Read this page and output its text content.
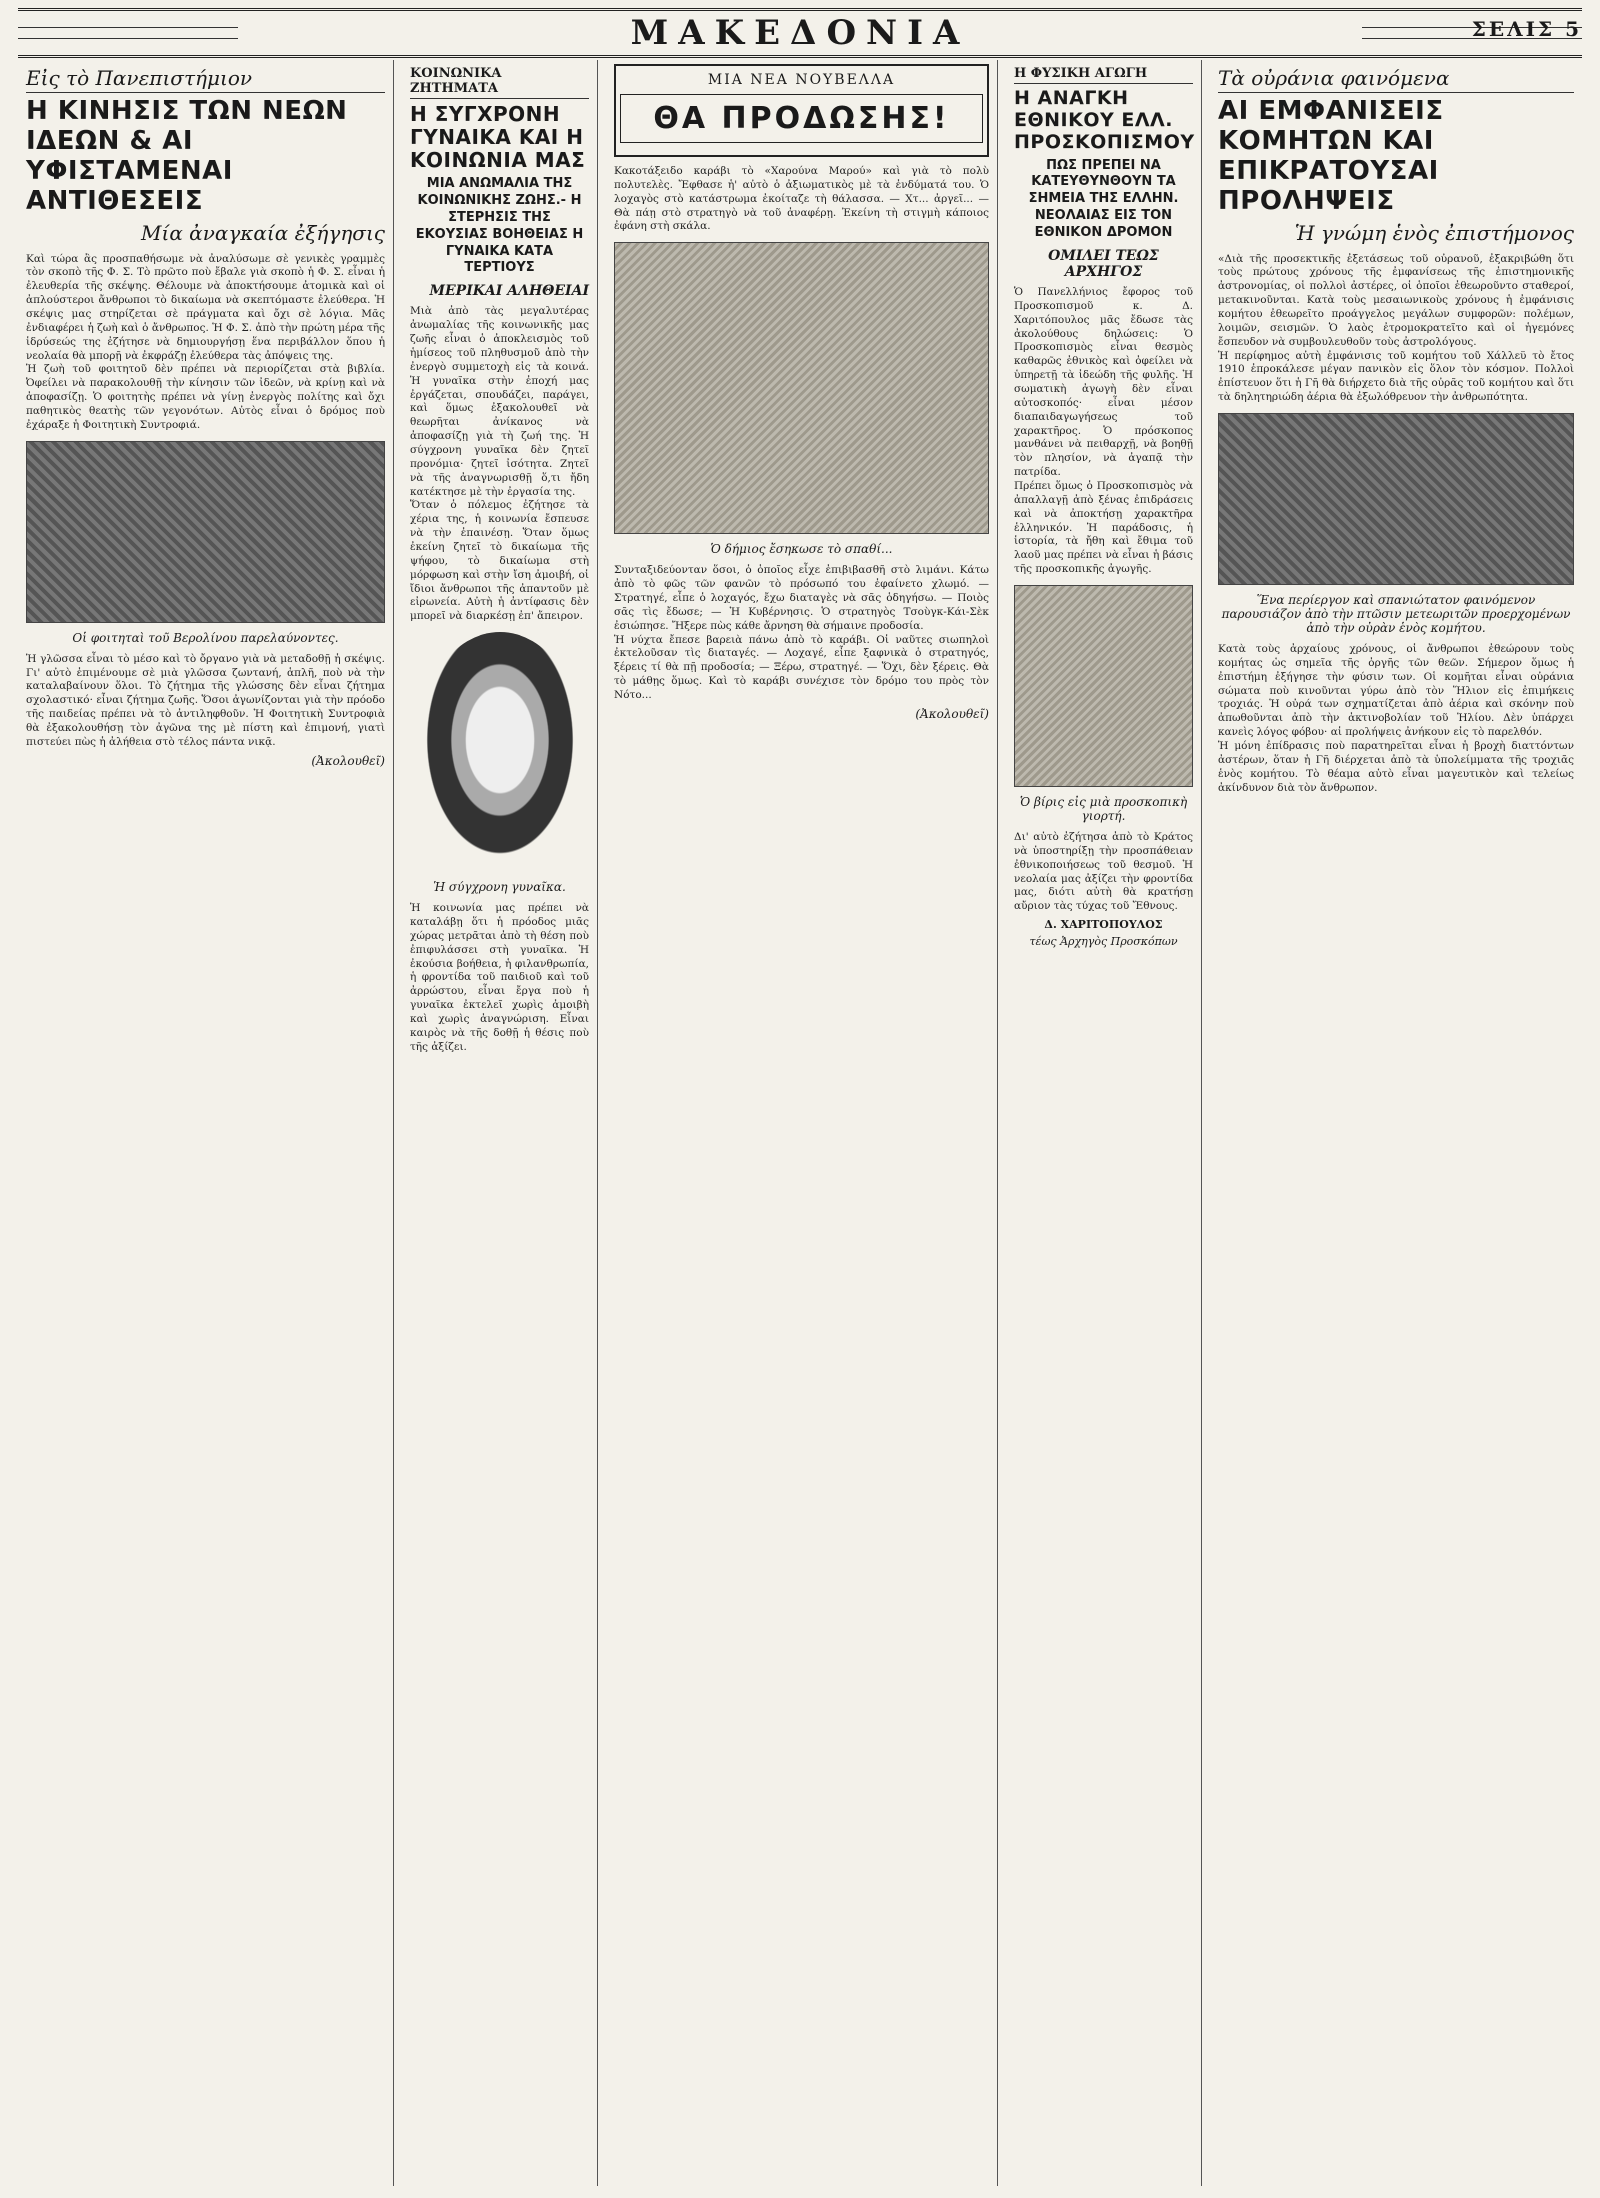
ΜΑΚΕΔΟΝΙΑ	ΣΕΛΙΣ 5
Εἰς τὸ Πανεπιστήμιον
Η ΚΙΝΗΣΙΣ ΤΩΝ ΝΕΩΝ ΙΔΕΩΝ & ΑΙ ΥΦΙΣΤΑΜΕΝΑΙ ΑΝΤΙΘΕΣΕΙΣ
Μία ἀναγκαία ἐξήγησις

Καὶ τώρα ἂς προσπαθήσωμε νὰ ἀναλύσωμε σὲ γενικὲς γραμμὲς τὸν σκοπὸ τῆς Φ. Σ. Τὸ πρῶτο ποὺ ἔβαλε γιὰ σκοπὸ ἡ Φ. Σ. εἶναι ἡ ἐλευθερία τῆς σκέψης. Θέλουμε νὰ ἀποκτήσουμε ἀτομικὰ καὶ οἱ ἀπλούστεροι ἄνθρωποι τὸ δικαίωμα νὰ σκεπτόμαστε ἐλεύθερα. Ἡ σκέψις μας στηρίζεται σὲ πράγματα καὶ ὄχι σὲ λόγια. Μᾶς ἐνδιαφέρει ἡ ζωὴ καὶ ὁ ἄνθρωπος. Ἡ Φ. Σ. ἀπὸ τὴν πρώτη μέρα τῆς ἱδρύσεώς της ἐζήτησε νὰ δημιουργήσῃ ἕνα περιβάλλον ὅπου ἡ νεολαία θὰ μπορῇ νὰ ἐκφράζῃ ἐλεύθερα τὰς ἀπόψεις της.

Ἡ ζωὴ τοῦ φοιτητοῦ δὲν πρέπει νὰ περιορίζεται στὰ βιβλία. Ὀφείλει νὰ παρακολουθῇ τὴν κίνησιν τῶν ἰδεῶν, νὰ κρίνῃ καὶ νὰ ἀποφασίζῃ. Ὁ φοιτητὴς πρέπει νὰ γίνῃ ἐνεργὸς πολίτης καὶ ὄχι παθητικὸς θεατὴς τῶν γεγονότων. Αὐτὸς εἶναι ὁ δρόμος ποὺ ἐχάραξε ἡ Φοιτητικὴ Συντροφιά.

Οἱ φοιτηταὶ τοῦ Βερολίνου παρελαύνοντες.

Ἡ γλῶσσα εἶναι τὸ μέσο καὶ τὸ ὄργανο γιὰ νὰ μεταδοθῇ ἡ σκέψις. Γι' αὐτὸ ἐπιμένουμε σὲ μιὰ γλῶσσα ζωντανή, ἁπλῆ, ποὺ νὰ τὴν καταλαβαίνουν ὅλοι. Τὸ ζήτημα τῆς γλώσσης δὲν εἶναι ζήτημα σχολαστικό· εἶναι ζήτημα ζωῆς. Ὅσοι ἀγωνίζονται γιὰ τὴν πρόοδο τῆς παιδείας πρέπει νὰ τὸ ἀντιληφθοῦν. Ἡ Φοιτητικὴ Συντροφιὰ θὰ ἐξακολουθήσῃ τὸν ἀγῶνα της μὲ πίστη καὶ ἐπιμονή, γιατὶ πιστεύει πὼς ἡ ἀλήθεια στὸ τέλος πάντα νικᾷ.

(Ἀκολουθεῖ)
ΚΟΙΝΩΝΙΚΑ ΖΗΤΗΜΑΤΑ
Η ΣΥΓΧΡΟΝΗ ΓΥΝΑΙΚΑ ΚΑΙ Η ΚΟΙΝΩΝΙΑ ΜΑΣ
ΜΙΑ ΑΝΩΜΑΛΙΑ ΤΗΣ ΚΟΙΝΩΝΙΚΗΣ ΖΩΗΣ.- Η ΣΤΕΡΗΣΙΣ ΤΗΣ ΕΚΟΥΣΙΑΣ ΒΟΗΘΕΙΑΣ Η ΓΥΝΑΙΚΑ ΚΑΤΑ ΤΕΡΤΙΟΥΣ
ΜΕΡΙΚΑΙ ΑΛΗΘΕΙΑΙ

Μιὰ ἀπὸ τὰς μεγαλυτέρας ἀνωμαλίας τῆς κοινωνικῆς μας ζωῆς εἶναι ὁ ἀποκλεισμὸς τοῦ ἡμίσεος τοῦ πληθυσμοῦ ἀπὸ τὴν ἐνεργὸ συμμετοχὴ εἰς τὰ κοινά. Ἡ γυναῖκα στὴν ἐποχή μας ἐργάζεται, σπουδάζει, παράγει, καὶ ὅμως ἐξακολουθεῖ νὰ θεωρῆται ἀνίκανος νὰ ἀποφασίζῃ γιὰ τὴ ζωή της. Ἡ σύγχρονη γυναῖκα δὲν ζητεῖ προνόμια· ζητεῖ ἰσότητα. Ζητεῖ νὰ τῆς ἀναγνωρισθῇ ὅ,τι ἤδη κατέκτησε μὲ τὴν ἐργασία της.

Ὅταν ὁ πόλεμος ἐζήτησε τὰ χέρια της, ἡ κοινωνία ἔσπευσε νὰ τὴν ἐπαινέσῃ. Ὅταν ὅμως ἐκείνη ζητεῖ τὸ δικαίωμα τῆς ψήφου, τὸ δικαίωμα στὴ μόρφωση καὶ στὴν ἴση ἀμοιβή, οἱ ἴδιοι ἄνθρωποι τῆς ἀπαντοῦν μὲ εἰρωνεία. Αὐτὴ ἡ ἀντίφασις δὲν μπορεῖ νὰ διαρκέσῃ ἐπ' ἄπειρον.

Ἡ σύγχρονη γυναῖκα.

Ἡ κοινωνία μας πρέπει νὰ καταλάβῃ ὅτι ἡ πρόοδος μιᾶς χώρας μετρᾶται ἀπὸ τὴ θέση ποὺ ἐπιφυλάσσει στὴ γυναῖκα. Ἡ ἐκούσια βοήθεια, ἡ φιλανθρωπία, ἡ φροντίδα τοῦ παιδιοῦ καὶ τοῦ ἀρρώστου, εἶναι ἔργα ποὺ ἡ γυναῖκα ἐκτελεῖ χωρὶς ἀμοιβὴ καὶ χωρὶς ἀναγνώριση. Εἶναι καιρὸς νὰ τῆς δοθῇ ἡ θέσις ποὺ τῆς ἀξίζει.

ΜΙΑ ΝΕΑ ΝΟΥΒΕΛΛΑ
ΘΑ ΠΡΟΔΩΣΗΣ!

Κακοτάξειδο καράβι τὸ «Χαρούνα Μαρού» καὶ γιὰ τὸ πολὺ πολυτελὲς. Ἔφθασε ἡ' αὐτὸ ὁ ἀξιωματικὸς μὲ τὰ ἐνδύματά του. Ὁ λοχαγὸς στὸ κατάστρωμα ἐκοίταζε τὴ θάλασσα. — Χτ... ἀργεῖ... — Θὰ πάῃ στὸ στρατηγὸ νὰ τοῦ ἀναφέρῃ. Ἐκείνη τὴ στιγμὴ κάποιος ἐφάνη στὴ σκάλα.

Ὁ δήμιος ἔσηκωσε τὸ σπαθί...

Συνταξιδεύονταν ὅσοι, ὁ ὁποῖος εἶχε ἐπιβιβασθῆ στὸ λιμάνι. Κάτω ἀπὸ τὸ φῶς τῶν φανῶν τὸ πρόσωπό του ἐφαίνετο χλωμό. — Στρατηγέ, εἶπε ὁ λοχαγός, ἔχω διαταγὲς νὰ σᾶς ὁδηγήσω. — Ποιὸς σᾶς τὶς ἔδωσε; — Ἡ Κυβέρνησις. Ὁ στρατηγὸς Τσοὺγκ-Κάι-Σὲκ ἐσιώπησε. Ἤξερε πὼς κάθε ἄρνηση θὰ σήμαινε προδοσία.

Ἡ νύχτα ἔπεσε βαρειὰ πάνω ἀπὸ τὸ καράβι. Οἱ ναῦτες σιωπηλοὶ ἐκτελοῦσαν τὶς διαταγές. — Λοχαγέ, εἶπε ξαφνικὰ ὁ στρατηγός, ξέρεις τί θὰ πῇ προδοσία; — Ξέρω, στρατηγέ. — Ὅχι, δὲν ξέρεις. Θὰ τὸ μάθῃς ὅμως. Καὶ τὸ καράβι συνέχισε τὸν δρόμο του πρὸς τὸν Νότο...

(Ἀκολουθεῖ)
Η ΦΥΣΙΚΗ ΑΓΩΓΗ
Η ΑΝΑΓΚΗ ΕΘΝΙΚΟΥ ΕΛΛ. ΠΡΟΣΚΟΠΙΣΜΟΥ
ΠΩΣ ΠΡΕΠΕΙ ΝΑ ΚΑΤΕΥΘΥΝΘΟΥΝ ΤΑ ΣΗΜΕΙΑ ΤΗΣ ΕΛΛΗΝ. ΝΕΟΛΑΙΑΣ ΕΙΣ ΤΟΝ ΕΘΝΙΚΟΝ ΔΡΟΜΟΝ
ΟΜΙΛΕΙ ΤΕΩΣ ΑΡΧΗΓΟΣ

Ὁ Πανελλήνιος ἔφορος τοῦ Προσκοπισμοῦ κ. Δ. Χαριτόπουλος μᾶς ἔδωσε τὰς ἀκολούθους δηλώσεις: Ὁ Προσκοπισμὸς εἶναι θεσμὸς καθαρῶς ἐθνικὸς καὶ ὀφείλει νὰ ὑπηρετῇ τὰ ἰδεώδη τῆς φυλῆς. Ἡ σωματικὴ ἀγωγὴ δὲν εἶναι αὐτοσκοπός· εἶναι μέσον διαπαιδαγωγήσεως τοῦ χαρακτῆρος. Ὁ πρόσκοπος μανθάνει νὰ πειθαρχῇ, νὰ βοηθῇ τὸν πλησίον, νὰ ἀγαπᾷ τὴν πατρίδα.

Πρέπει ὅμως ὁ Προσκοπισμὸς νὰ ἀπαλλαγῇ ἀπὸ ξένας ἐπιδράσεις καὶ νὰ ἀποκτήσῃ χαρακτῆρα ἑλληνικόν. Ἡ παράδοσις, ἡ ἱστορία, τὰ ἤθη καὶ ἔθιμα τοῦ λαοῦ μας πρέπει νὰ εἶναι ἡ βάσις τῆς προσκοπικῆς ἀγωγῆς.

Ὁ βίρις εἰς μιὰ προσκοπικὴ γιορτή.

Δι' αὐτὸ ἐζήτησα ἀπὸ τὸ Κράτος νὰ ὑποστηρίξῃ τὴν προσπάθειαν ἐθνικοποιήσεως τοῦ θεσμοῦ. Ἡ νεολαία μας ἀξίζει τὴν φροντίδα μας, διότι αὐτὴ θὰ κρατήσῃ αὔριον τὰς τύχας τοῦ Ἔθνους.

Δ. ΧΑΡΙΤΟΠΟΥΛΟΣ
τέως Ἀρχηγὸς Προσκόπων
Τὰ οὐράνια φαινόμενα
ΑΙ ΕΜΦΑΝΙΣΕΙΣ ΚΟΜΗΤΩΝ ΚΑΙ ΕΠΙΚΡΑΤΟΥΣΑΙ ΠΡΟΛΗΨΕΙΣ
Ἡ γνώμη ἑνὸς ἐπιστήμονος

«Διὰ τῆς προσεκτικῆς ἐξετάσεως τοῦ οὐρανοῦ, ἐξακριβώθη ὅτι τοὺς πρώτους χρόνους τῆς ἐμφανίσεως τῆς ἐπιστημονικῆς ἀστρονομίας, οἱ πολλοὶ ἀστέρες, οἱ ὁποῖοι ἐθεωροῦντο σταθεροί, μετακινοῦνται. Κατὰ τοὺς μεσαιωνικοὺς χρόνους ἡ ἐμφάνισις κομήτου ἐθεωρεῖτο προάγγελος μεγάλων συμφορῶν: πολέμων, λοιμῶν, σεισμῶν. Ὁ λαὸς ἐτρομοκρατεῖτο καὶ οἱ ἡγεμόνες ἔσπευδον νὰ συμβουλευθοῦν τοὺς ἀστρολόγους.

Ἡ περίφημος αὐτὴ ἐμφάνισις τοῦ κομήτου τοῦ Χάλλεϋ τὸ ἔτος 1910 ἐπροκάλεσε μέγαν πανικὸν εἰς ὅλον τὸν κόσμον. Πολλοὶ ἐπίστευον ὅτι ἡ Γῆ θὰ διήρχετο διὰ τῆς οὐρᾶς τοῦ κομήτου καὶ ὅτι τὰ δηλητηριώδη ἀέρια θὰ ἐξωλόθρευον τὴν ἀνθρωπότητα.

Ἕνα περίεργον καὶ σπανιώτατον φαινόμενον παρουσιάζον ἀπὸ τὴν πτῶσιν μετεωριτῶν προερχομένων ἀπὸ τὴν οὐρὰν ἑνὸς κομήτου.

Κατὰ τοὺς ἀρχαίους χρόνους, οἱ ἄνθρωποι ἐθεώρουν τοὺς κομήτας ὡς σημεῖα τῆς ὀργῆς τῶν θεῶν. Σήμερον ὅμως ἡ ἐπιστήμη ἐξήγησε τὴν φύσιν των. Οἱ κομῆται εἶναι οὐράνια σώματα ποὺ κινοῦνται γύρω ἀπὸ τὸν Ἥλιον εἰς ἐπιμήκεις τροχιάς. Ἡ οὐρά των σχηματίζεται ἀπὸ ἀέρια καὶ σκόνην ποὺ ἀπωθοῦνται ἀπὸ τὴν ἀκτινοβολίαν τοῦ Ἡλίου. Δὲν ὑπάρχει κανεὶς λόγος φόβου· αἱ προλήψεις ἀνήκουν εἰς τὸ παρελθόν.

Ἡ μόνη ἐπίδρασις ποὺ παρατηρεῖται εἶναι ἡ βροχὴ διαττόντων ἀστέρων, ὅταν ἡ Γῆ διέρχεται ἀπὸ τὰ ὑπολείμματα τῆς τροχιᾶς ἑνὸς κομήτου. Τὸ θέαμα αὐτὸ εἶναι μαγευτικὸν καὶ τελείως ἀκίνδυνον διὰ τὸν ἄνθρωπον.
